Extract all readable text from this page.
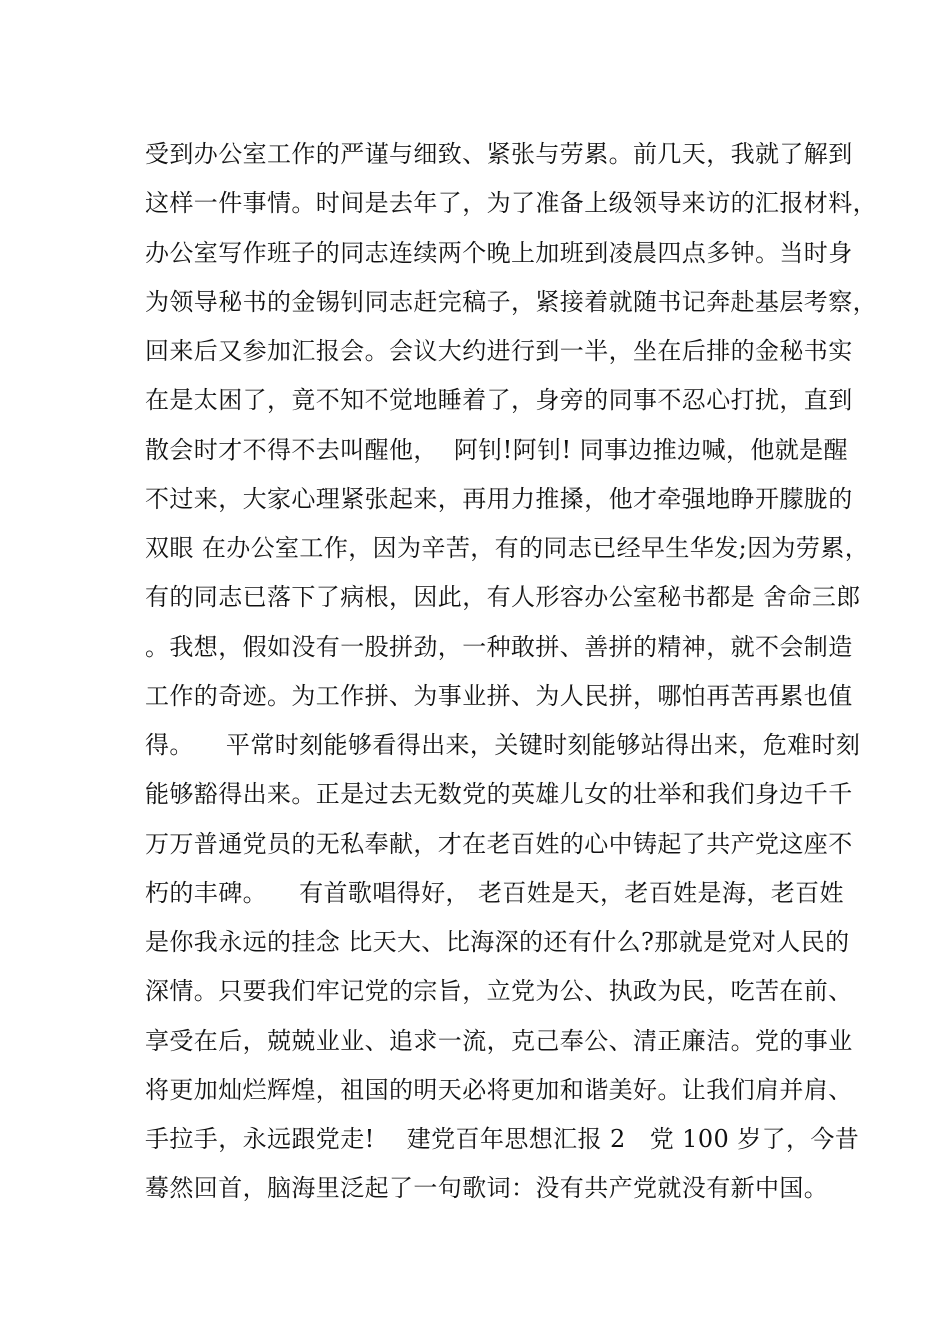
受到办公室工作的严谨与细致、紧张与劳累。前几天，我就了解到
这样一件事情。时间是去年了，为了准备上级领导来访的汇报材料，
办公室写作班子的同志连续两个晚上加班到凌晨四点多钟。当时身
为领导秘书的金锡钊同志赶完稿子，紧接着就随书记奔赴基层考察，
回来后又参加汇报会。会议大约进行到一半，坐在后排的金秘书实
在是太困了，竟不知不觉地睡着了，身旁的同事不忍心打扰，直到
散会时才不得不去叫醒他，  阿钊!阿钊! 同事边推边喊，他就是醒
不过来，大家心理紧张起来，再用力推搡，他才牵强地睁开朦胧的
双眼 在办公室工作，因为辛苦，有的同志已经早生华发;因为劳累，
有的同志已落下了病根，因此，有人形容办公室秘书都是 舍命三郎
。我想，假如没有一股拼劲，一种敢拼、善拼的精神，就不会制造
工作的奇迹。为工作拼、为事业拼、为人民拼，哪怕再苦再累也值
得。    平常时刻能够看得出来，关键时刻能够站得出来，危难时刻
能够豁得出来。正是过去无数党的英雄儿女的壮举和我们身边千千
万万普通党员的无私奉献，才在老百姓的心中铸起了共产党这座不
朽的丰碑。    有首歌唱得好， 老百姓是天，老百姓是海，老百姓
是你我永远的挂念 比天大、比海深的还有什么?那就是党对人民的
深情。只要我们牢记党的宗旨，立党为公、执政为民，吃苦在前、
享受在后，兢兢业业、追求一流，克己奉公、清正廉洁。党的事业
将更加灿烂辉煌，祖国的明天必将更加和谐美好。让我们肩并肩、
手拉手，永远跟党走!    建党百年思想汇报 2   党 100 岁了，今昔
蓦然回首，脑海里泛起了一句歌词：没有共产党就没有新中国。
